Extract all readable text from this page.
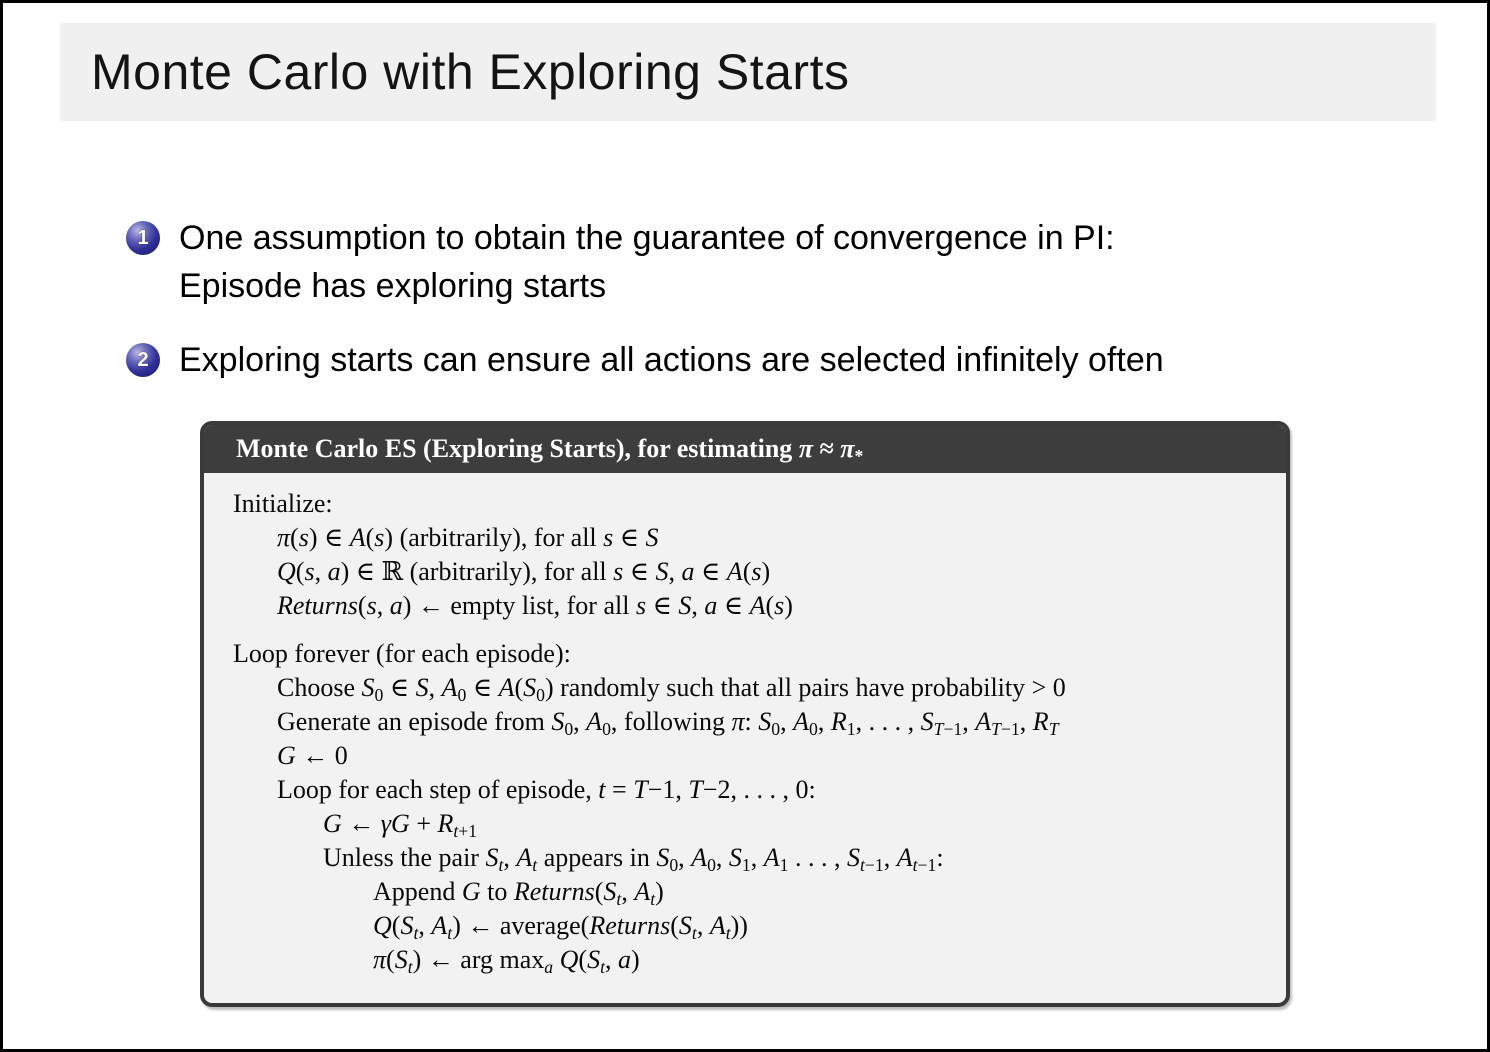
Monte Carlo with Exploring Starts
1 One assumption to obtain the guarantee of convergence in PI:
Episode has exploring starts
2 Exploring starts can ensure all actions are selected infinitely often
Monte Carlo ES (Exploring Starts), for estimating $\pi \approx \pi_*$
Initialize:
π(s) ∈ A(s) (arbitrarily), for all s ∈ S
Q(s, a) ∈ ℝ (arbitrarily), for all s ∈ S, a ∈ A(s)
Returns(s, a) ← empty list, for all s ∈ S, a ∈ A(s)
Loop forever (for each episode):
Choose $S_0$ ∈ S, $A_0$ ∈ $A(S_0)$ randomly such that all pairs have probability > 0
Generate an episode from $S_0$, $A_0$, following π: $S_0$, $A_0$, $R_1$, . . . , $S_{T-1}$, $A_{T-1}$, $R_T$
G ← 0
Loop for each step of episode, t = T−1, T−2, . . . , 0:
G ← $\gamma G + R_{t+1}$
Unless the pair $S_t$, $A_t$ appears in $S_0$, $A_0$, $S_1$, $A_1$ . . . , $S_{t-1}$, $A_{t-1}$:
Append G to $Returns(S_t$, $A_t$)
$Q(S_t$, $A_t$) ← $average(Returns(S_t$, $A_t$))
$\pi(S_t)$ ← arg $\max_a Q(S_t$, a)
